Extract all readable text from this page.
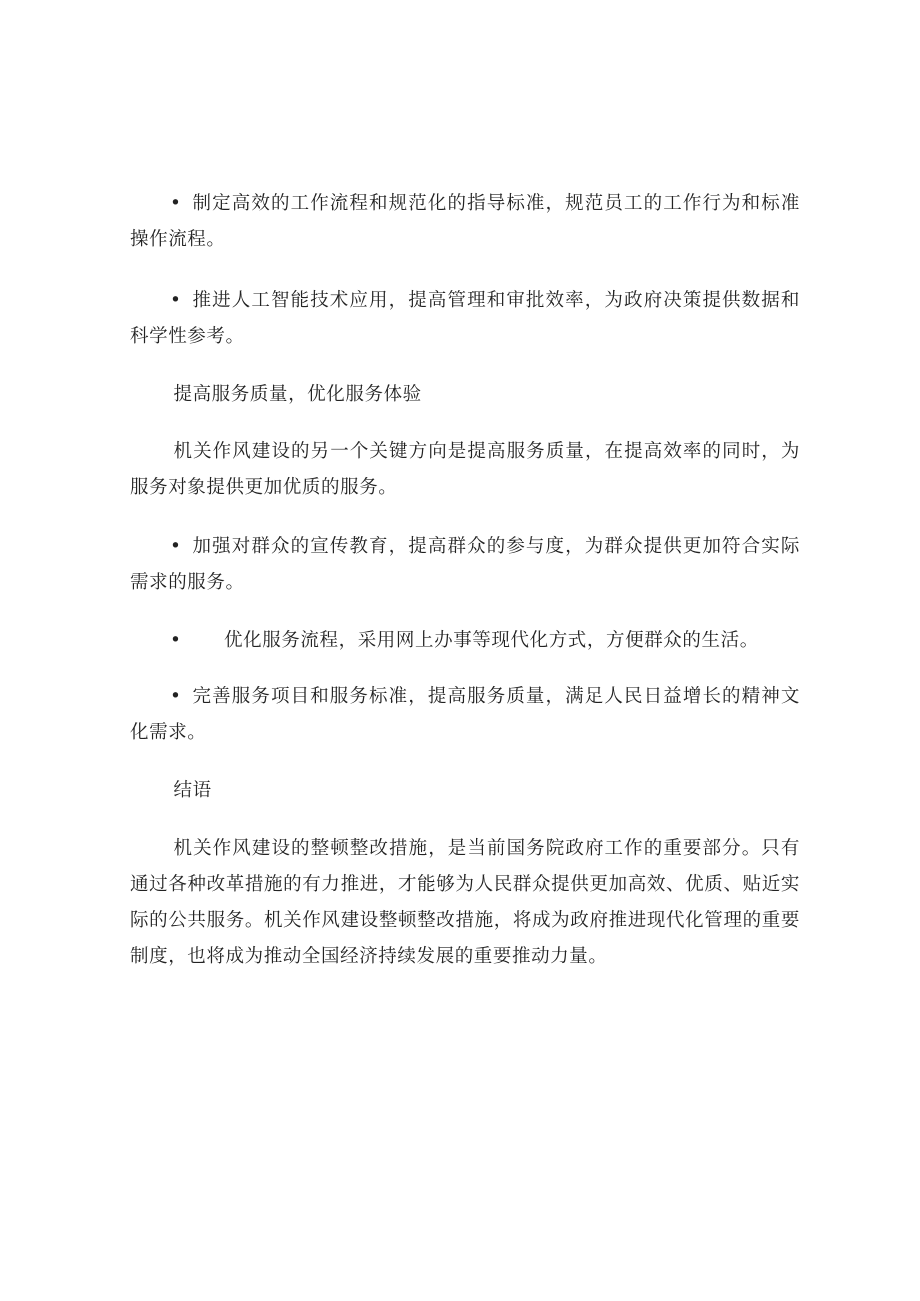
• 制定高效的工作流程和规范化的指导标准，规范员工的工作行为和标准操作流程。
• 推进人工智能技术应用，提高管理和审批效率，为政府决策提供数据和科学性参考。
提高服务质量，优化服务体验
机关作风建设的另一个关键方向是提高服务质量，在提高效率的同时，为服务对象提供更加优质的服务。
• 加强对群众的宣传教育，提高群众的参与度，为群众提供更加符合实际需求的服务。
• 优化服务流程，采用网上办事等现代化方式，方便群众的生活。
• 完善服务项目和服务标准，提高服务质量，满足人民日益增长的精神文化需求。
结语
机关作风建设的整顿整改措施，是当前国务院政府工作的重要部分。只有通过各种改革措施的有力推进，才能够为人民群众提供更加高效、优质、贴近实际的公共服务。机关作风建设整顿整改措施，将成为政府推进现代化管理的重要制度，也将成为推动全国经济持续发展的重要推动力量。
